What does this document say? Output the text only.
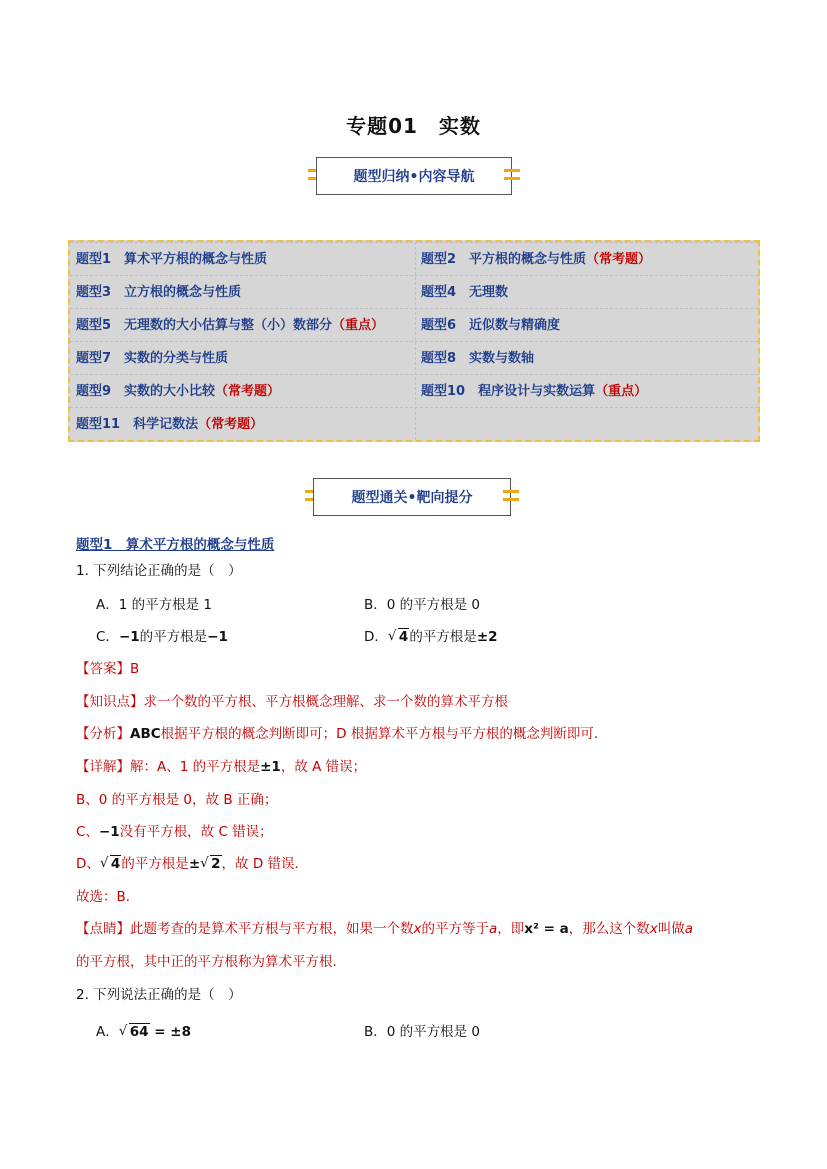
专题01　实数
题型归纳•内容导航
题型1　算术平方根的概念与性质	题型2　平方根的概念与性质（常考题）
题型3　立方根的概念与性质	题型4　无理数
题型5　无理数的大小估算与整（小）数部分（重点）	题型6　近似数与精确度
题型7　实数的分类与性质	题型8　实数与数轴
题型9　实数的大小比较（常考题）	题型10　程序设计与实数运算（重点）
题型11　科学记数法（常考题）
题型通关•靶向提分
题型1　算术平方根的概念与性质
1. 下列结论正确的是（　）
A．1 的平方根是 1	B．0 的平方根是 0
C．−1的平方根是−1	D． √ 4的平方根是±2
【答案】B
【知识点】求一个数的平方根、平方根概念理解、求一个数的算术平方根
【分析】ABC根据平方根的概念判断即可；D 根据算术平方根与平方根的概念判断即可．
【详解】解：A、1 的平方根是±1，故 A 错误；
B、0 的平方根是 0，故 B 正确；
C、−1没有平方根，故 C 错误；
D、 √ 4的平方根是± √ 2，故 D 错误．
故选：B．
【点睛】此题考查的是算术平方根与平方根，如果一个数x的平方等于a，即x² = a，那么这个数x叫做a
的平方根，其中正的平方根称为算术平方根．
2. 下列说法正确的是（　）
A． √ 64 = ±8	B．0 的平方根是 0
